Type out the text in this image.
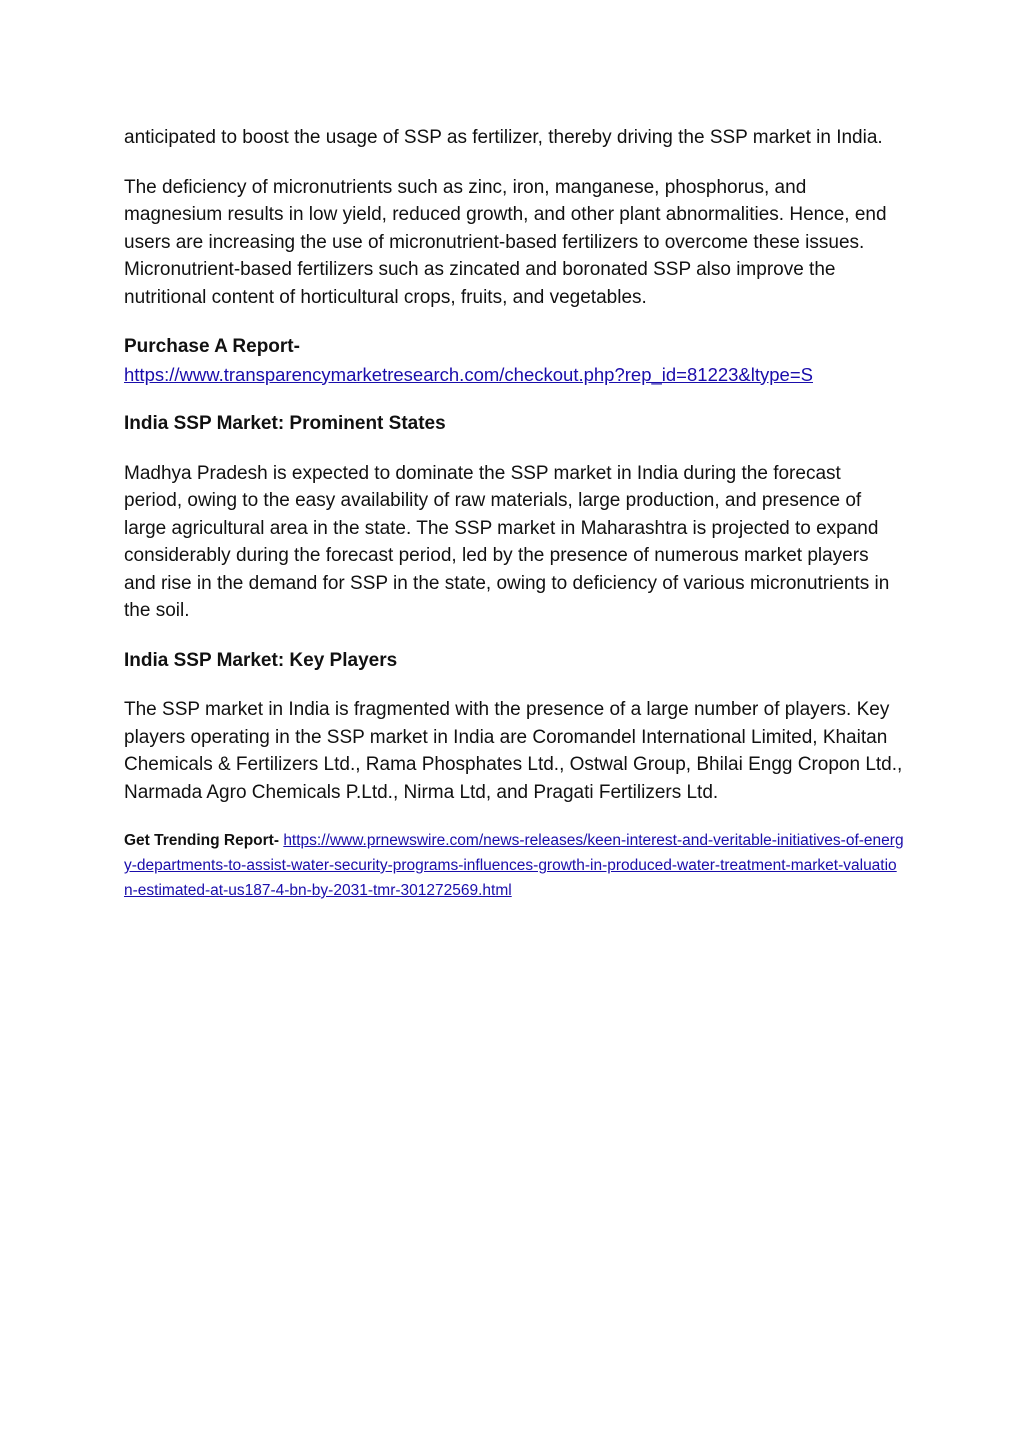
anticipated to boost the usage of SSP as fertilizer, thereby driving the SSP market in India.

The deficiency of micronutrients such as zinc, iron, manganese, phosphorus, and magnesium results in low yield, reduced growth, and other plant abnormalities. Hence, end users are increasing the use of micronutrient-based fertilizers to overcome these issues. Micronutrient-based fertilizers such as zincated and boronated SSP also improve the nutritional content of horticultural crops, fruits, and vegetables.

Purchase A Report-
https://www.transparencymarketresearch.com/checkout.php?rep_id=81223&ltype=S

India SSP Market: Prominent States

Madhya Pradesh is expected to dominate the SSP market in India during the forecast period, owing to the easy availability of raw materials, large production, and presence of large agricultural area in the state. The SSP market in Maharashtra is projected to expand considerably during the forecast period, led by the presence of numerous market players and rise in the demand for SSP in the state, owing to deficiency of various micronutrients in the soil.

India SSP Market: Key Players

The SSP market in India is fragmented with the presence of a large number of players. Key players operating in the SSP market in India are Coromandel International Limited, Khaitan Chemicals & Fertilizers Ltd., Rama Phosphates Ltd., Ostwal Group, Bhilai Engg Cropon Ltd., Narmada Agro Chemicals P.Ltd., Nirma Ltd, and Pragati Fertilizers Ltd.

Get Trending Report- https://www.prnewswire.com/news-releases/keen-interest-and-veritable-initiatives-of-energy-departments-to-assist-water-security-programs-influences-growth-in-produced-water-treatment-market-valuation-estimated-at-us187-4-bn-by-2031-tmr-301272569.html
